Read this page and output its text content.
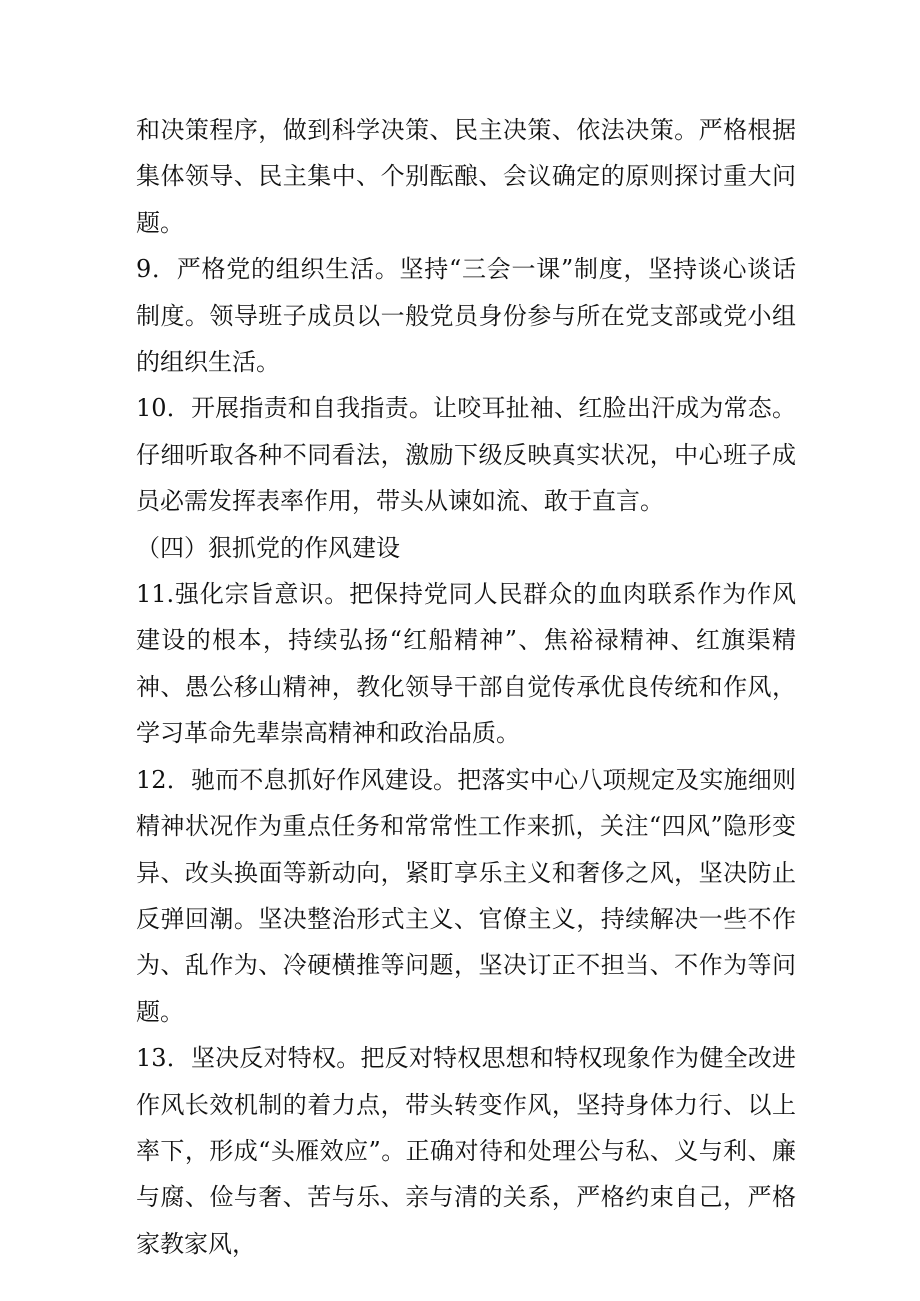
和决策程序，做到科学决策、民主决策、依法决策。严格根据集体领导、民主集中、个别酝酿、会议确定的原则探讨重大问题。

9．严格党的组织生活。坚持“三会一课”制度，坚持谈心谈话制度。领导班子成员以一般党员身份参与所在党支部或党小组的组织生活。

10．开展指责和自我指责。让咬耳扯袖、红脸出汗成为常态。仔细听取各种不同看法，激励下级反映真实状况，中心班子成员必需发挥表率作用，带头从谏如流、敢于直言。

（四）狠抓党的作风建设

11.强化宗旨意识。把保持党同人民群众的血肉联系作为作风建设的根本，持续弘扬“红船精神”、焦裕禄精神、红旗渠精神、愚公移山精神，教化领导干部自觉传承优良传统和作风，学习革命先辈崇高精神和政治品质。

12．驰而不息抓好作风建设。把落实中心八项规定及实施细则精神状况作为重点任务和常常性工作来抓，关注“四风”隐形变异、改头换面等新动向，紧盯享乐主义和奢侈之风，坚决防止反弹回潮。坚决整治形式主义、官僚主义，持续解决一些不作为、乱作为、冷硬横推等问题，坚决订正不担当、不作为等问题。

13．坚决反对特权。把反对特权思想和特权现象作为健全改进作风长效机制的着力点，带头转变作风，坚持身体力行、以上率下，形成“头雁效应”。正确对待和处理公与私、义与利、廉与腐、俭与奢、苦与乐、亲与清的关系，严格约束自己，严格家教家风，
